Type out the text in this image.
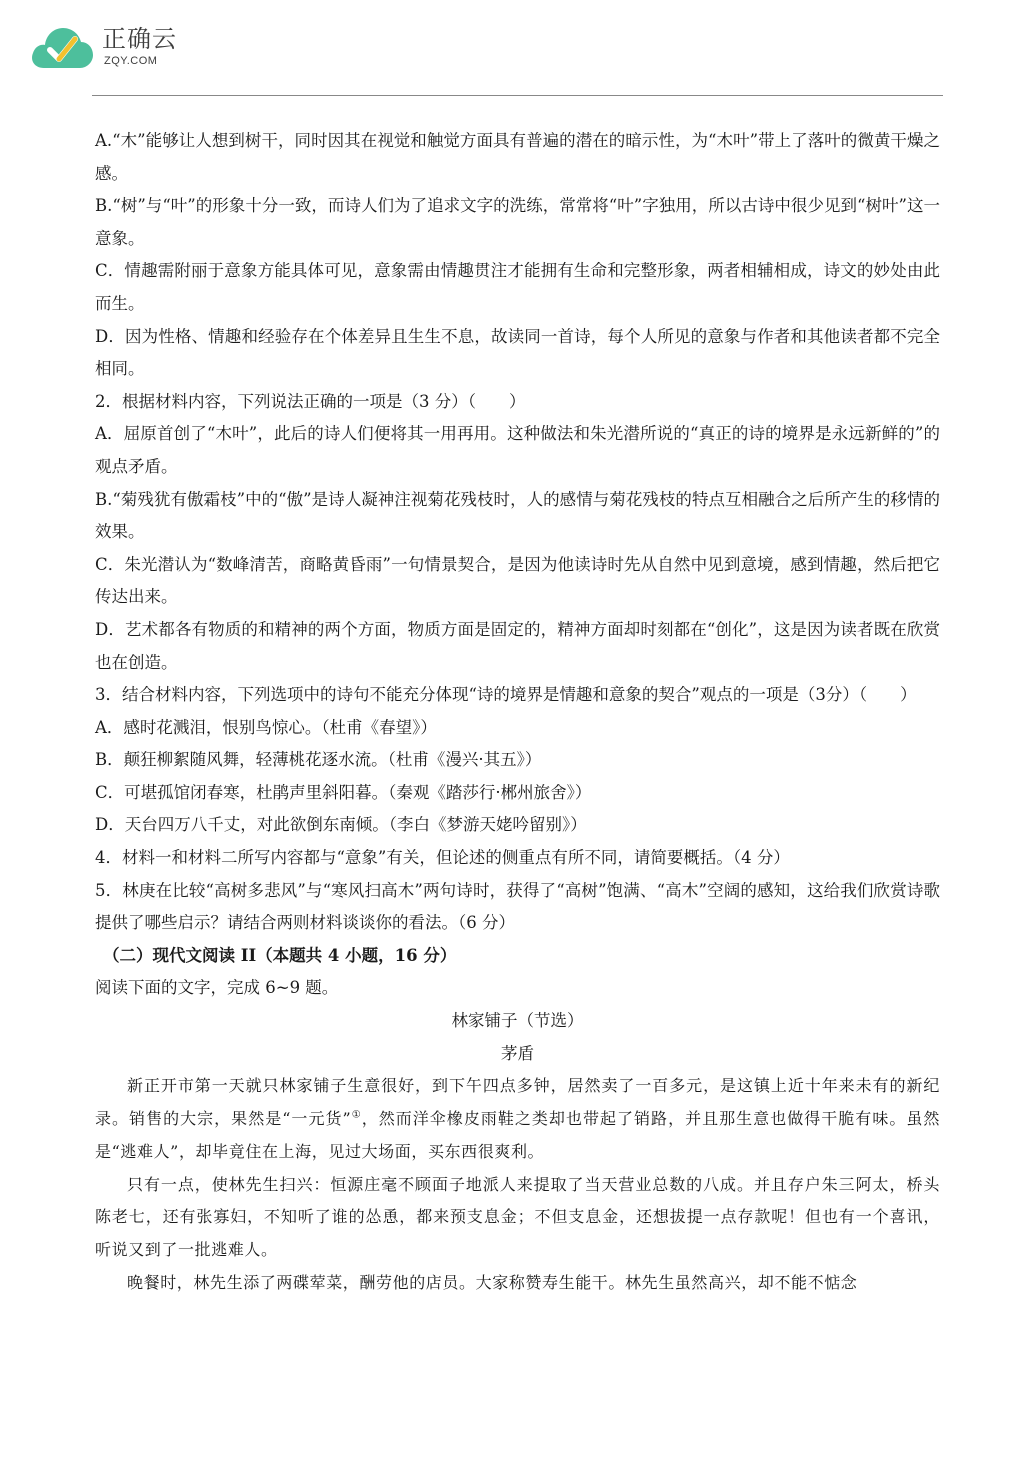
正确云
ZQY.COM

A.“木”能够让人想到树干，同时因其在视觉和触觉方面具有普遍的潜在的暗示性，为“木叶”带上了落叶的微黄干燥之感。

B.“树”与“叶”的形象十分一致，而诗人们为了追求文字的洗练，常常将“叶”字独用，所以古诗中很少见到“树叶”这一意象。

C．情趣需附丽于意象方能具体可见，意象需由情趣贯注才能拥有生命和完整形象，两者相辅相成，诗文的妙处由此而生。

D．因为性格、情趣和经验存在个体差异且生生不息，故读同一首诗，每个人所见的意象与作者和其他读者都不完全相同。

2．根据材料内容，下列说法正确的一项是（3 分）（　　）

A．屈原首创了“木叶”，此后的诗人们便将其一用再用。这种做法和朱光潜所说的“真正的诗的境界是永远新鲜的”的观点矛盾。

B.“菊残犹有傲霜枝”中的“傲”是诗人凝神注视菊花残枝时，人的感情与菊花残枝的特点互相融合之后所产生的移情的效果。

C．朱光潜认为“数峰清苦，商略黄昏雨”一句情景契合，是因为他读诗时先从自然中见到意境，感到情趣，然后把它传达出来。

D．艺术都各有物质的和精神的两个方面，物质方面是固定的，精神方面却时刻都在“创化”，这是因为读者既在欣赏也在创造。

3．结合材料内容，下列选项中的诗句不能充分体现“诗的境界是情趣和意象的契合”观点的一项是（3分）（　　）

A．感时花溅泪，恨别鸟惊心。（杜甫《春望》）

B．颠狂柳絮随风舞，轻薄桃花逐水流。（杜甫《漫兴·其五》）

C．可堪孤馆闭春寒，杜鹃声里斜阳暮。（秦观《踏莎行·郴州旅舍》）

D．天台四万八千丈，对此欲倒东南倾。（李白《梦游天姥吟留别》）

4．材料一和材料二所写内容都与“意象”有关，但论述的侧重点有所不同，请简要概括。（4 分）

5．林庚在比较“高树多悲风”与“寒风扫高木”两句诗时，获得了“高树”饱满、“高木”空阔的感知，这给我们欣赏诗歌提供了哪些启示？请结合两则材料谈谈你的看法。（6 分）

（二）现代文阅读 II（本题共 4 小题，16 分）

阅读下面的文字，完成 6~9 题。

林家铺子（节选）

茅盾

新正开市第一天就只林家铺子生意很好，到下午四点多钟，居然卖了一百多元，是这镇上近十年来未有的新纪录。销售的大宗，果然是“一元货”①，然而洋伞橡皮雨鞋之类却也带起了销路，并且那生意也做得干脆有味。虽然是“逃难人”，却毕竟住在上海，见过大场面，买东西很爽利。

只有一点，使林先生扫兴：恒源庄毫不顾面子地派人来提取了当天营业总数的八成。并且存户朱三阿太，桥头陈老七，还有张寡妇，不知听了谁的怂恿，都来预支息金；不但支息金，还想拔提一点存款呢！但也有一个喜讯，听说又到了一批逃难人。

晚餐时，林先生添了两碟荤菜，酬劳他的店员。大家称赞寿生能干。林先生虽然高兴，却不能不惦念
